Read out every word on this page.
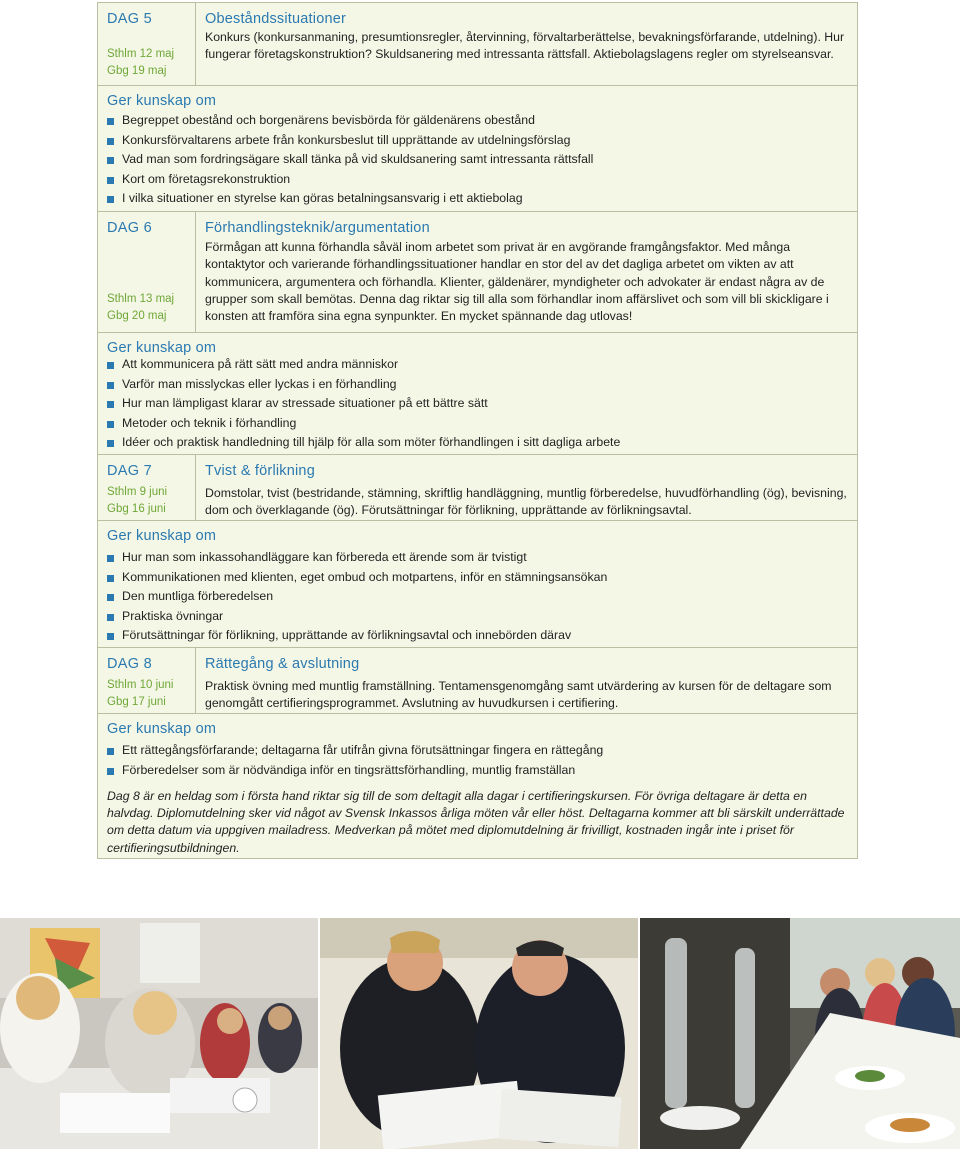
DAG 5
Sthlm 12 maj
Gbg 19 maj
Obeståndssituationer
Konkurs (konkursanmaning, presumtionsregler, återvinning, förvaltarberättelse, bevakningsförfarande, utdelning). Hur fungerar företagskonstruktion? Skuldsanering med intressanta rättsfall. Aktiebolagslagens regler om styrelseansvar.
Ger kunskap om
Begreppet obestånd och borgenärens bevisbörda för gäldenärens obestånd
Konkursförvaltarens arbete från konkursbeslut till upprättande av utdelningsförslag
Vad man som fordringsägare skall tänka på vid skuldsanering samt intressanta rättsfall
Kort om företagsrekonstruktion
I vilka situationer en styrelse kan göras betalningsansvarig i ett aktiebolag
DAG 6
Sthlm 13 maj
Gbg 20 maj
Förhandlingsteknik/argumentation
Förmågan att kunna förhandla såväl inom arbetet som privat är en avgörande framgångsfaktor. Med många kontaktytor och varierande förhandlingssituationer handlar en stor del av det dagliga arbetet om vikten av att kommunicera, argumentera och förhandla. Klienter, gäldenärer, myndigheter och advokater är endast några av de grupper som skall bemötas. Denna dag riktar sig till alla som förhandlar inom affärslivet och som vill bli skickligare i konsten att framföra sina egna synpunkter. En mycket spännande dag utlovas!
Ger kunskap om
Att kommunicera på rätt sätt med andra människor
Varför man misslyckas eller lyckas i en förhandling
Hur man lämpligast klarar av stressade situationer på ett bättre sätt
Metoder och teknik i förhandling
Idéer och praktisk handledning till hjälp för alla som möter förhandlingen i sitt dagliga arbete
DAG 7
Sthlm 9 juni
Gbg 16 juni
Tvist & förlikning
Domstolar, tvist (bestridande, stämning, skriftlig handläggning, muntlig förberedelse, huvudförhandling (ög), bevisning, dom och överklagande (ög). Förutsättningar för förlikning, upprättande av förlikningsavtal.
Ger kunskap om
Hur man som inkassohandläggare kan förbereda ett ärende som är tvistigt
Kommunikationen med klienten, eget ombud och motpartens, inför en stämningsansökan
Den muntliga förberedelsen
Praktiska övningar
Förutsättningar för förlikning, upprättande av förlikningsavtal och innebörden därav
DAG 8
Sthlm 10 juni
Gbg 17 juni
Rättegång & avslutning
Praktisk övning med muntlig framställning. Tentamensgenomgång samt utvärdering av kursen för de deltagare som genomgått certifieringsprogrammet. Avslutning av huvudkursen i certifiering.
Ger kunskap om
Ett rättegångsförfarande; deltagarna får utifrån givna förutsättningar fingera en rättegång
Förberedelser som är nödvändiga inför en tingsrättsförhandling, muntlig framställan
Dag 8 är en heldag som i första hand riktar sig till de som deltagit alla dagar i certifieringskursen. För övriga deltagare är detta en halvdag. Diplomutdelning sker vid något av Svensk Inkassos årliga möten vår eller höst. Deltagarna kommer att bli särskilt underrättade om detta datum via uppgiven mailadress. Medverkan på mötet med diplomutdelning är frivilligt, kostnaden ingår inte i priset för certifieringsutbildningen.
